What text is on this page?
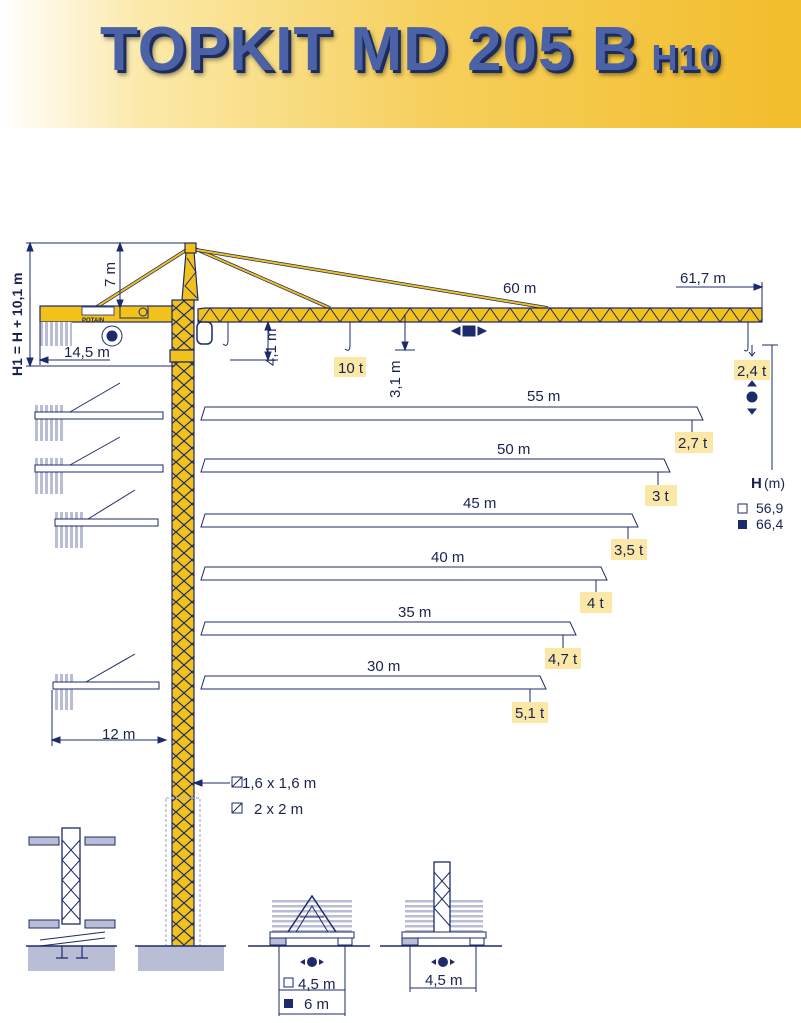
TOPKIT MD 205 B H10
POTAIN
H1 = H + 10,1 m	7 m
14,5 m
61,7 m
60 m
4,1 m
3,1 m
10 t	2,4 t
12 m
1,6 x 1,6 m
2 x 2 m
H (m)
56,9
66,4
55 m
2,7 t
50 m
3 t
45 m
3,5 t
40 m
4 t
35 m
4,7 t
30 m
5,1 t
4,5 m
6 m
4,5 m
